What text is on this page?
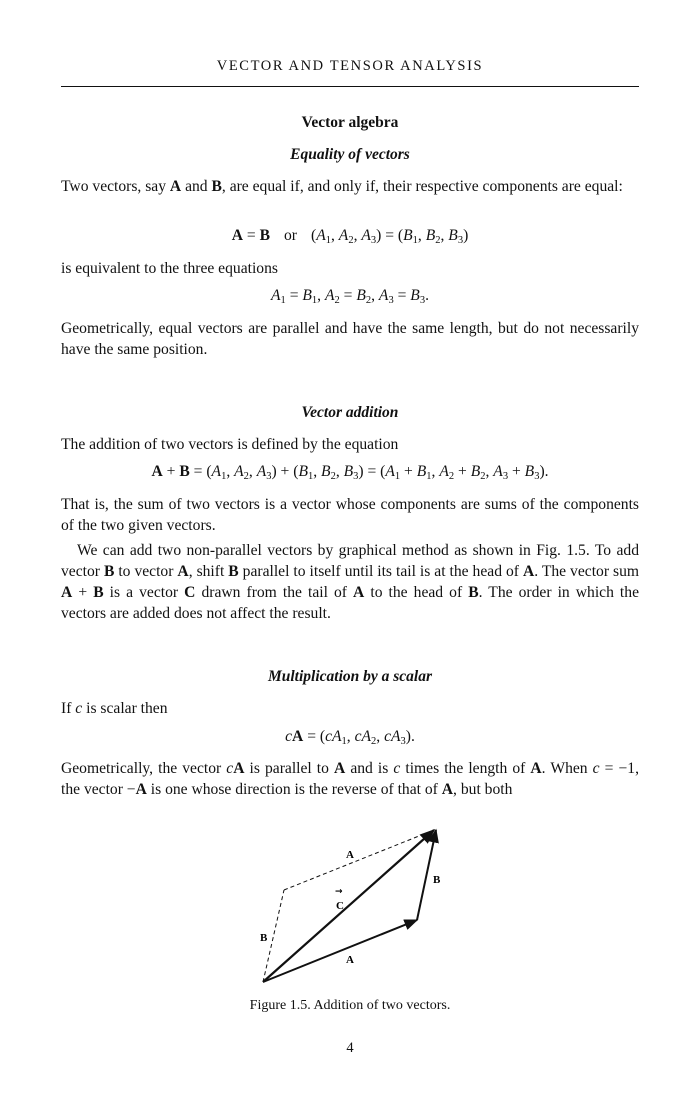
VECTOR AND TENSOR ANALYSIS
Vector algebra
Equality of vectors

Two vectors, say A and B, are equal if, and only if, their respective components are equal:

A = B or ($A_1$, $A_2$, $A_3) = (B_1$, $B_2$, $B_3$)

is equivalent to the three equations

$A_1 = B_1$, $A_2 = B_2$, $A_3 = B_3$.

Geometrically, equal vectors are parallel and have the same length, but do not necessarily have the same position.

Vector addition

The addition of two vectors is defined by the equation

$A + B = (A_1$, $A_2$, $A_3) + (B_1$, $B_2$, $B_3) = (A_1 + B_1$, $A_2 + B_2$, $A_3 + B_3$).

That is, the sum of two vectors is a vector whose components are sums of the components of the two given vectors.

We can add two non-parallel vectors by graphical method as shown in Fig. 1.5. To add vector B to vector A, shift B parallel to itself until its tail is at the head of A. The vector sum A + B is a vector C drawn from the tail of A to the head of B. The order in which the vectors are added does not affect the result.

Multiplication by a scalar

If c is scalar then

cA = ($cA_1$, $cA_2$, $cA_3$).

Geometrically, the vector cA is parallel to A and is c times the length of A. When c = −1, the vector −A is one whose direction is the reverse of that of A, but both

A
B
→
C
B
A
Figure 1.5. Addition of two vectors.
4
